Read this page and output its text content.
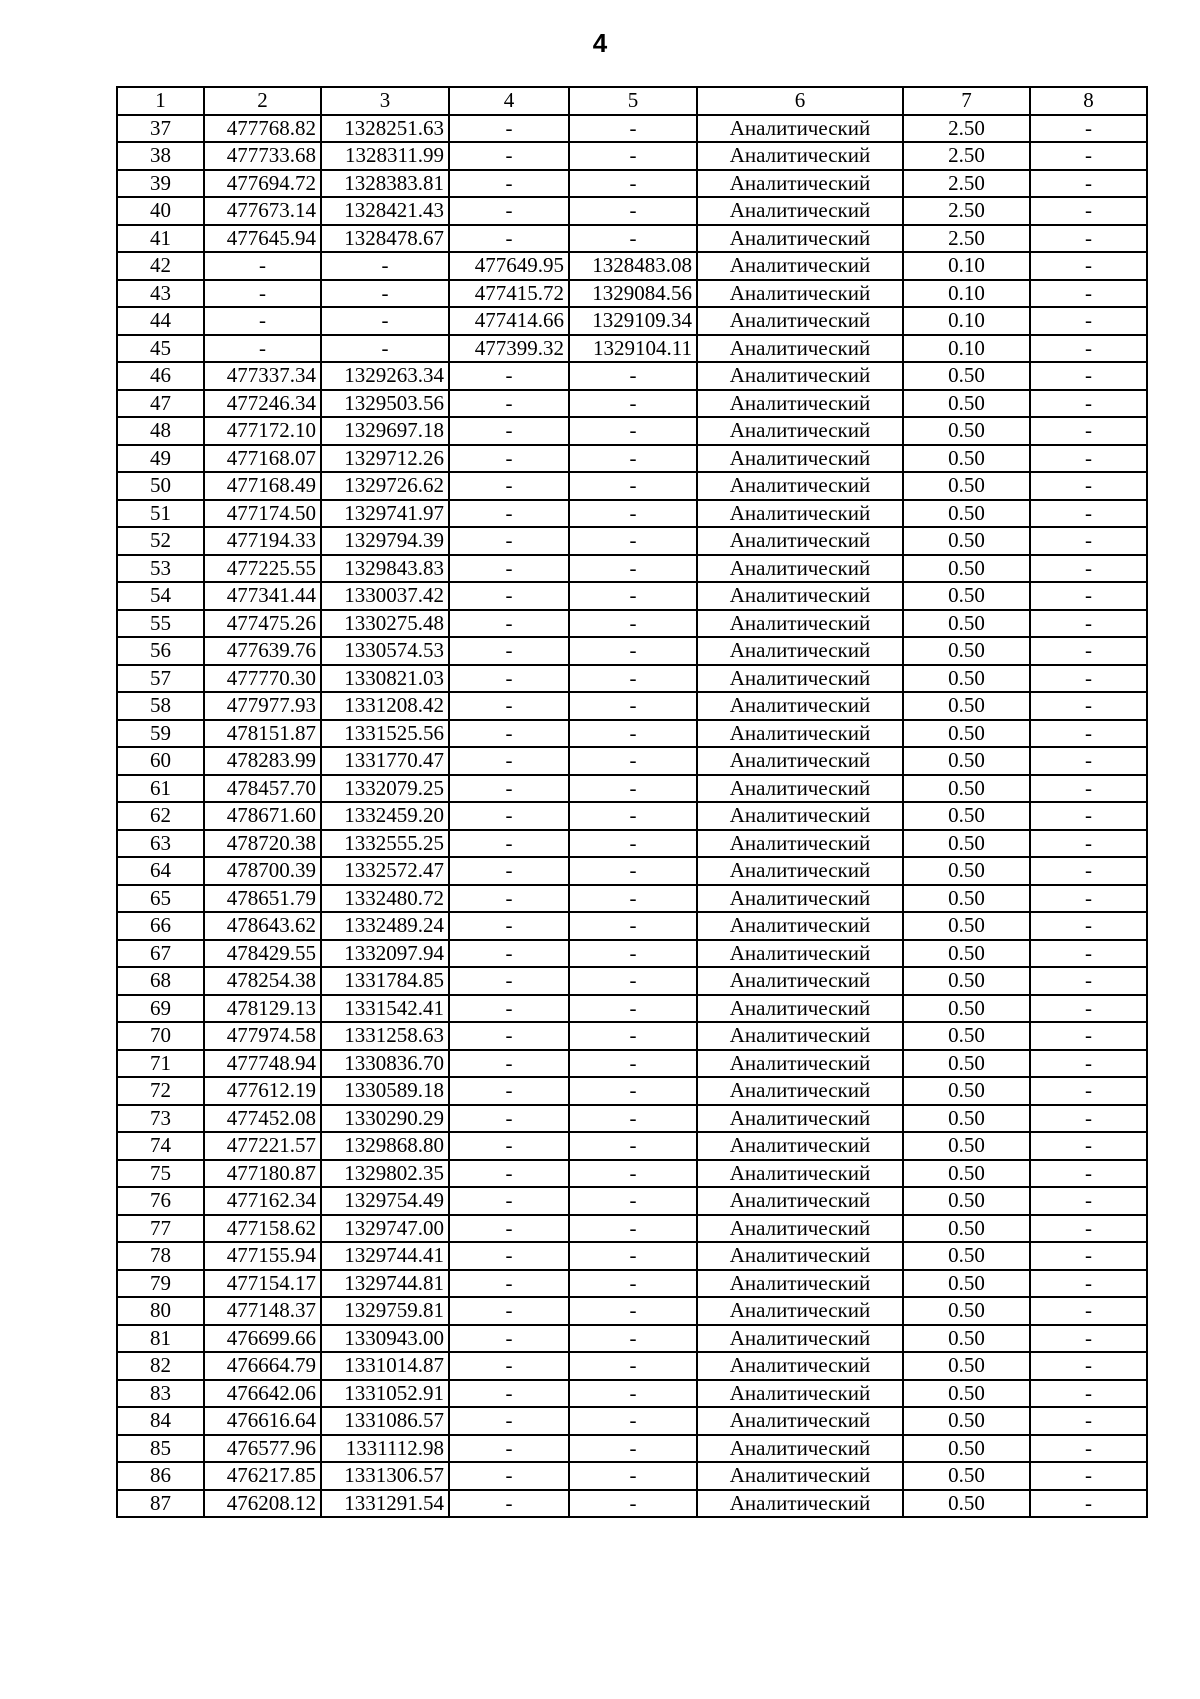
4
1	2	3	4	5	6	7	8
37	477768.82	1328251.63	-	-	Аналитический	2.50	-
38	477733.68	1328311.99	-	-	Аналитический	2.50	-
39	477694.72	1328383.81	-	-	Аналитический	2.50	-
40	477673.14	1328421.43	-	-	Аналитический	2.50	-
41	477645.94	1328478.67	-	-	Аналитический	2.50	-
42	-	-	477649.95	1328483.08	Аналитический	0.10	-
43	-	-	477415.72	1329084.56	Аналитический	0.10	-
44	-	-	477414.66	1329109.34	Аналитический	0.10	-
45	-	-	477399.32	1329104.11	Аналитический	0.10	-
46	477337.34	1329263.34	-	-	Аналитический	0.50	-
47	477246.34	1329503.56	-	-	Аналитический	0.50	-
48	477172.10	1329697.18	-	-	Аналитический	0.50	-
49	477168.07	1329712.26	-	-	Аналитический	0.50	-
50	477168.49	1329726.62	-	-	Аналитический	0.50	-
51	477174.50	1329741.97	-	-	Аналитический	0.50	-
52	477194.33	1329794.39	-	-	Аналитический	0.50	-
53	477225.55	1329843.83	-	-	Аналитический	0.50	-
54	477341.44	1330037.42	-	-	Аналитический	0.50	-
55	477475.26	1330275.48	-	-	Аналитический	0.50	-
56	477639.76	1330574.53	-	-	Аналитический	0.50	-
57	477770.30	1330821.03	-	-	Аналитический	0.50	-
58	477977.93	1331208.42	-	-	Аналитический	0.50	-
59	478151.87	1331525.56	-	-	Аналитический	0.50	-
60	478283.99	1331770.47	-	-	Аналитический	0.50	-
61	478457.70	1332079.25	-	-	Аналитический	0.50	-
62	478671.60	1332459.20	-	-	Аналитический	0.50	-
63	478720.38	1332555.25	-	-	Аналитический	0.50	-
64	478700.39	1332572.47	-	-	Аналитический	0.50	-
65	478651.79	1332480.72	-	-	Аналитический	0.50	-
66	478643.62	1332489.24	-	-	Аналитический	0.50	-
67	478429.55	1332097.94	-	-	Аналитический	0.50	-
68	478254.38	1331784.85	-	-	Аналитический	0.50	-
69	478129.13	1331542.41	-	-	Аналитический	0.50	-
70	477974.58	1331258.63	-	-	Аналитический	0.50	-
71	477748.94	1330836.70	-	-	Аналитический	0.50	-
72	477612.19	1330589.18	-	-	Аналитический	0.50	-
73	477452.08	1330290.29	-	-	Аналитический	0.50	-
74	477221.57	1329868.80	-	-	Аналитический	0.50	-
75	477180.87	1329802.35	-	-	Аналитический	0.50	-
76	477162.34	1329754.49	-	-	Аналитический	0.50	-
77	477158.62	1329747.00	-	-	Аналитический	0.50	-
78	477155.94	1329744.41	-	-	Аналитический	0.50	-
79	477154.17	1329744.81	-	-	Аналитический	0.50	-
80	477148.37	1329759.81	-	-	Аналитический	0.50	-
81	476699.66	1330943.00	-	-	Аналитический	0.50	-
82	476664.79	1331014.87	-	-	Аналитический	0.50	-
83	476642.06	1331052.91	-	-	Аналитический	0.50	-
84	476616.64	1331086.57	-	-	Аналитический	0.50	-
85	476577.96	1331112.98	-	-	Аналитический	0.50	-
86	476217.85	1331306.57	-	-	Аналитический	0.50	-
87	476208.12	1331291.54	-	-	Аналитический	0.50	-
